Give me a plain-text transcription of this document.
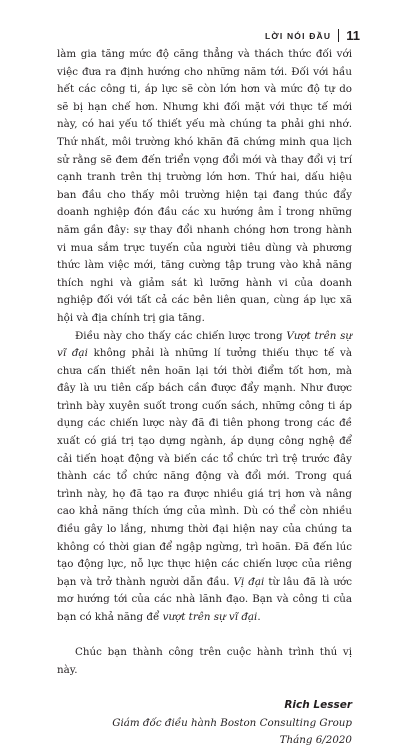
LỜI NÓI ĐẦU 11

làm gia tăng mức độ căng thẳng và thách thức đối với việc đưa ra định hướng cho những năm tới. Đối với hầu hết các công ti, áp lực sẽ còn lớn hơn và mức độ tự do sẽ bị hạn chế hơn. Nhưng khi đối mặt với thực tế mới này, có hai yếu tố thiết yếu mà chúng ta phải ghi nhớ. Thứ nhất, môi trường khó khăn đã chứng minh qua lịch sử rằng sẽ đem đến triển vọng đổi mới và thay đổi vị trí cạnh tranh trên thị trường lớn hơn. Thứ hai, dấu hiệu ban đầu cho thấy môi trường hiện tại đang thúc đẩy doanh nghiệp đón đầu các xu hướng âm ỉ trong những năm gần đây: sự thay đổi nhanh chóng hơn trong hành vi mua sắm trực tuyến của người tiêu dùng và phương thức làm việc mới, tăng cường tập trung vào khả năng thích nghi và giảm sát kì lưỡng hành vi của doanh nghiệp đối với tất cả các bên liên quan, cùng áp lực xã hội và địa chính trị gia tăng.

Điều này cho thấy các chiến lược trong Vượt trên sự vĩ đại không phải là những lí tưởng thiếu thực tế và chưa cấn thiết nên hoãn lại tới thời điểm tốt hơn, mà đây là ưu tiên cấp bách cần được đẩy mạnh. Như được trình bày xuyên suốt trong cuốn sách, những công ti áp dụng các chiến lược này đã đi tiên phong trong các đề xuất có giá trị tạo dựng ngành, áp dụng công nghệ để cải tiến hoạt động và biến các tổ chức trì trệ trước đây thành các tổ chức năng động và đổi mới. Trong quá trình này, họ đã tạo ra được nhiều giá trị hơn và nâng cao khả năng thích ứng của mình. Dù có thể còn nhiều điều gây lo lắng, nhưng thời đại hiện nay của chúng ta không có thời gian để ngập ngừng, trì hoãn. Đã đến lúc tạo động lực, nỗ lực thực hiện các chiến lược của riêng bạn và trở thành người dẫn đầu. Vị đại từ lâu đã là ước mơ hướng tới của các nhà lãnh đạo. Bạn và công ti của bạn có khả năng để vượt trên sự vĩ đại.

Chúc bạn thành công trên cuộc hành trình thú vị này.

Rich Lesser
Giám đốc điều hành Boston Consulting Group
Tháng 6/2020
